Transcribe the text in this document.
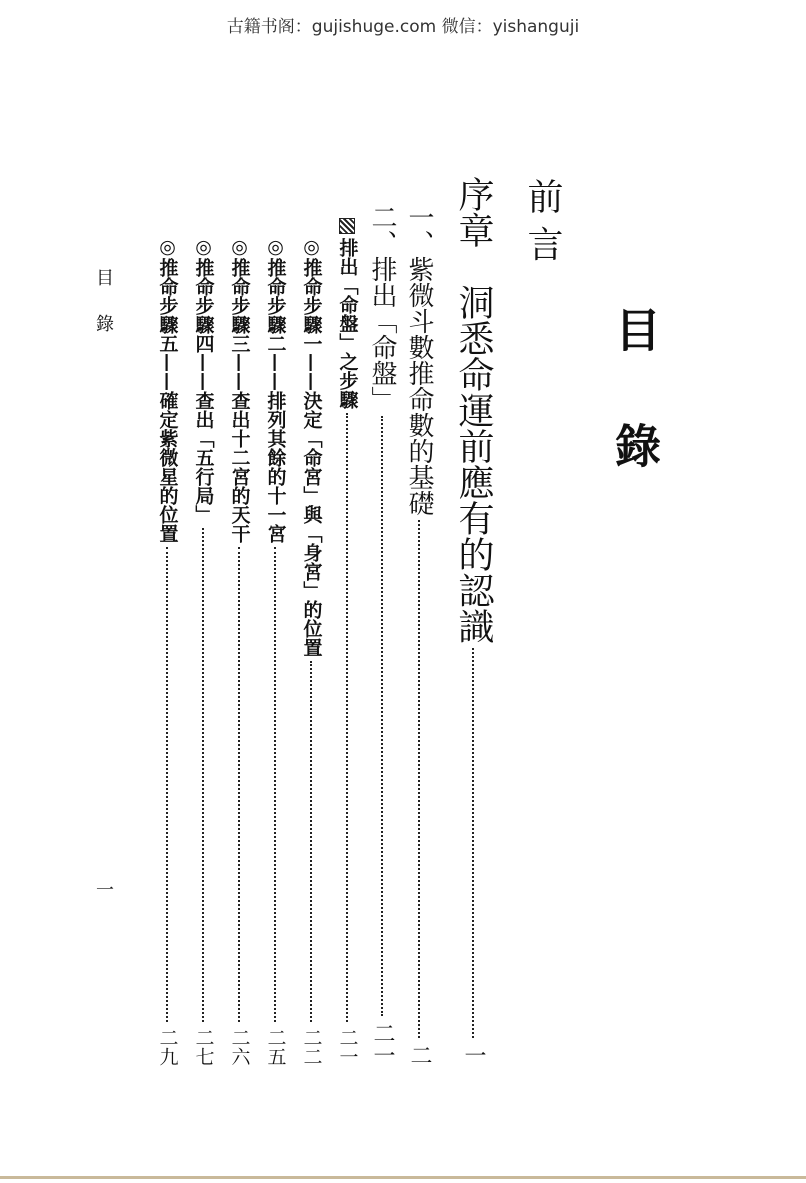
古籍书阁：gujishuge.com 微信：yishanguji
目錄
前 言
序章　洞悉命運前應有的認識
一
一、紫微斗數推命數的基礎
二
二、排出「命盤」
二一
排出「命盤」之步驟
二一
◎推命步驟一——決定「命宮」與「身宮」的位置
二二
◎推命步驟二——排列其餘的十一宮
二五
◎推命步驟三——查出十二宮的天干
二六
◎推命步驟四——查出「五行局」
二七
◎推命步驟五——確定紫微星的位置
二九
目錄
一
